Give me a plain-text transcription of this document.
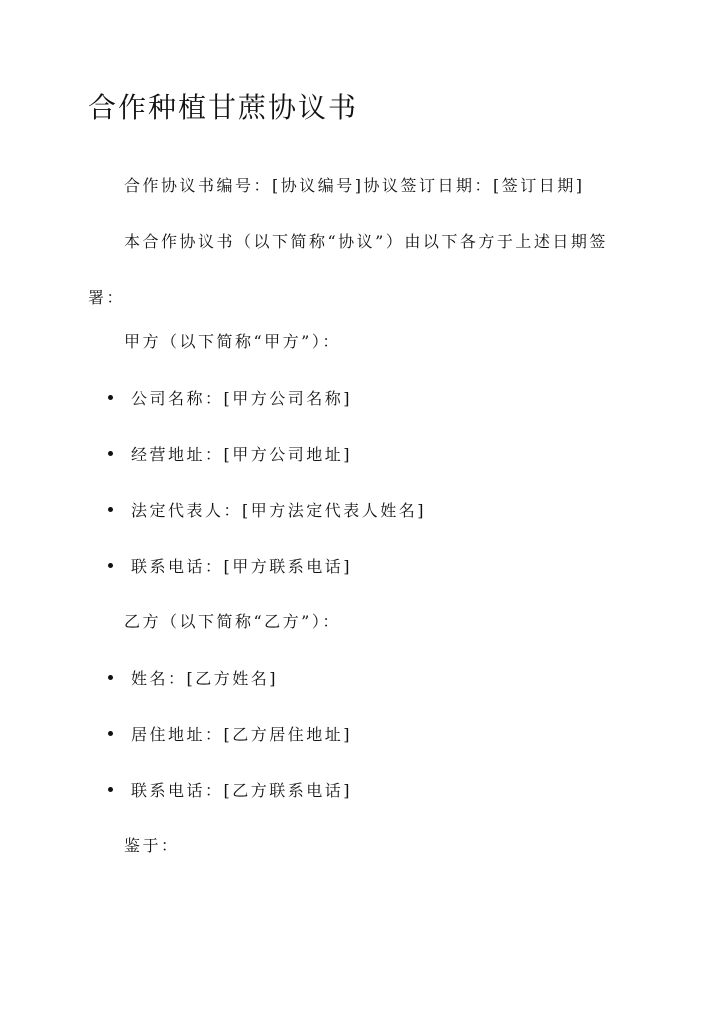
合作种植甘蔗协议书

合作协议书编号：[协议编号]协议签订日期：[签订日期]

本合作协议书（以下简称“协议”）由以下各方于上述日期签署：

甲方（以下简称“甲方”）：

公司名称：[甲方公司名称]
经营地址：[甲方公司地址]
法定代表人：[甲方法定代表人姓名]
联系电话：[甲方联系电话]

乙方（以下简称“乙方”）：

姓名：[乙方姓名]
居住地址：[乙方居住地址]
联系电话：[乙方联系电话]

鉴于：
